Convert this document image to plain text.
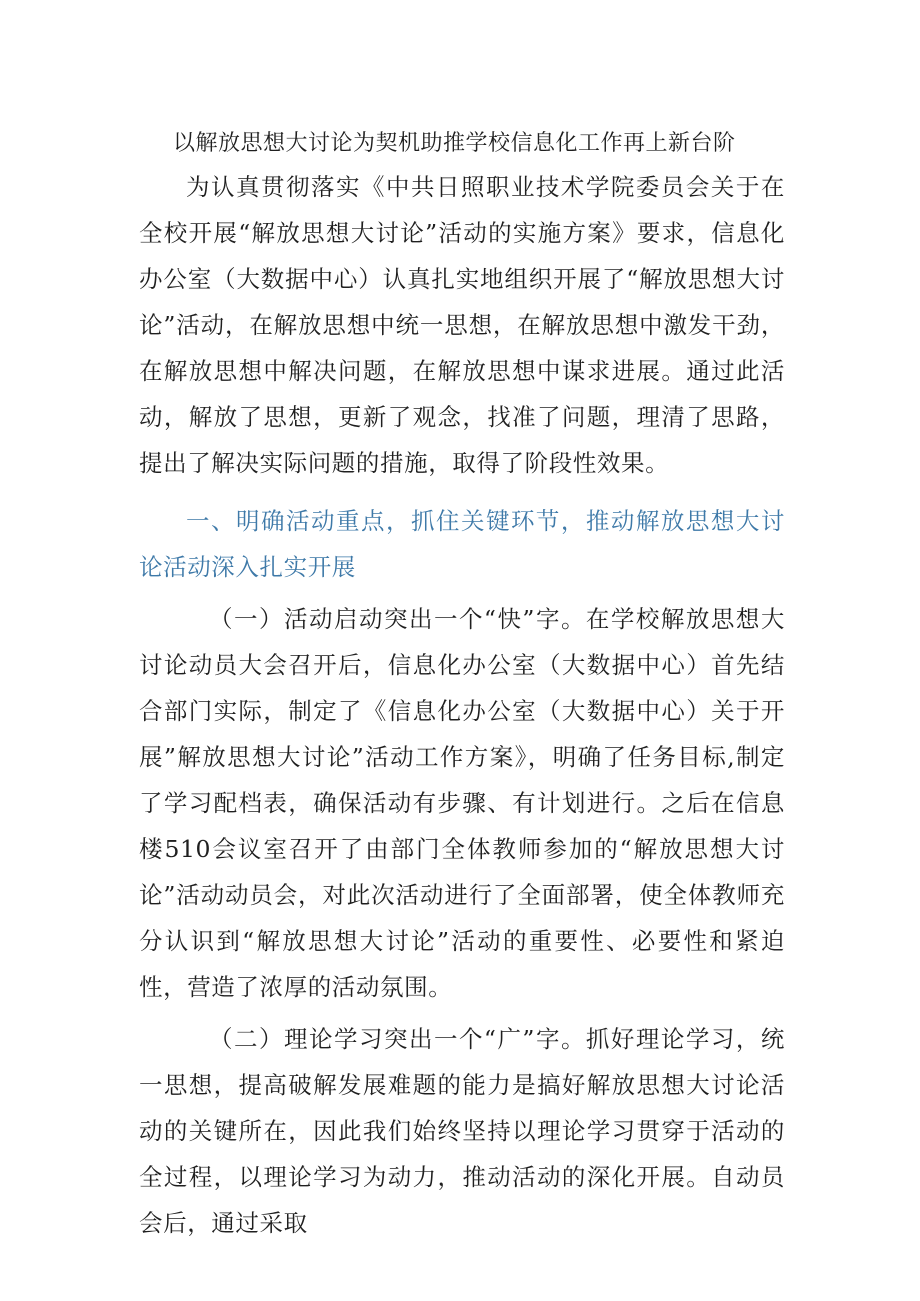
以解放思想大讨论为契机助推学校信息化工作再上新台阶

为认真贯彻落实《中共日照职业技术学院委员会关于在全校开展“解放思想大讨论”活动的实施方案》要求，信息化办公室（大数据中心）认真扎实地组织开展了“解放思想大讨论”活动，在解放思想中统一思想，在解放思想中激发干劲，在解放思想中解决问题，在解放思想中谋求进展。通过此活动，解放了思想，更新了观念，找准了问题，理清了思路，提出了解决实际问题的措施，取得了阶段性效果。

一、明确活动重点，抓住关键环节，推动解放思想大讨论活动深入扎实开展

（一）活动启动突出一个“快”字。在学校解放思想大讨论动员大会召开后，信息化办公室（大数据中心）首先结合部门实际，制定了《信息化办公室（大数据中心）关于开展”解放思想大讨论”活动工作方案》，明确了任务目标,制定了学习配档表，确保活动有步骤、有计划进行。之后在信息楼510会议室召开了由部门全体教师参加的“解放思想大讨论”活动动员会，对此次活动进行了全面部署，使全体教师充分认识到“解放思想大讨论”活动的重要性、必要性和紧迫性，营造了浓厚的活动氛围。

（二）理论学习突出一个“广”字。抓好理论学习，统一思想，提高破解发展难题的能力是搞好解放思想大讨论活动的关键所在，因此我们始终坚持以理论学习贯穿于活动的全过程，以理论学习为动力，推动活动的深化开展。自动员会后，通过采取
